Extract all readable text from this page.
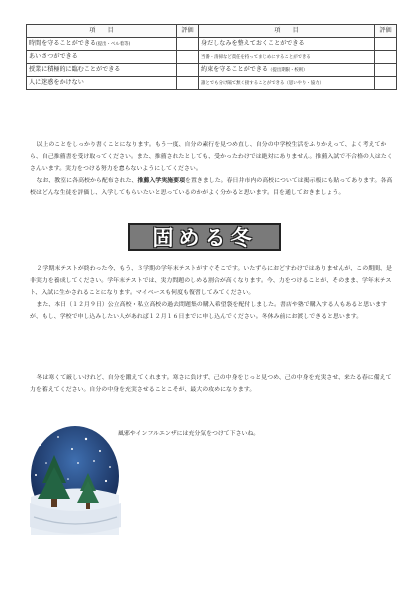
項　　目	評価	項　　目	評価
時間を守ることができる(提出・ベル着等)		身だしなみを整えておくことができる	
あいさつができる		当番・清掃など責任を持ってまじめにすることができる	
授業に積極的に臨むことができる		約束を守ることができる（提出期限・校則）	
人に迷惑をかけない		誰とでも分け隔て無く接することができる（思いやり・協力）	

以上のことをしっかり書くことになります。もう一度、自分の素行を見つめ直し、自分の中学校生活をふりかえって、よく考えてから、自己推薦書を受け取ってください。また、推薦されたとしても、受かったわけでは絶対にありません。推薦入試で不合格の人はたくさんいます。実力をつける努力を怠らないようにしてください。

なお、教室に各高校から配布された、推薦入学実施要項を置きました。春日井市内の高校については掲示板にも貼ってあります。各高校はどんな生徒を評価し、入学してもらいたいと思っているのかがよく分かると思います。目を通しておきましょう。

固める冬

２学期末テストが終わった今、もう、３学期の学年末テストがすぐそこです。いたずらにおどすわけではありませんが、この期間、是非実力を養成してください。学年末テストでは、実力問題のしめる割合が高くなります。今、力をつけることが、そのまま、学年末テスト、入試に生かされることになります。マイベースも何度も復習してみてください。

また、本日（１２月９日）公立高校・私立高校の過去問題集の購入希望袋を配付しました。書店や塾で購入する人もあると思いますが、もし、学校で申し込みしたい人があれば１２月１６日までに申し込んでください。冬休み前にお渡しできると思います。

冬は寒くて厳しいけれど、自分を鍛えてくれます。寒さに負けず、己の中身をじっと見つめ、己の中身を充実させ、来たる春に備えて力を蓄えてください。自分の中身を充実させることこそが、最大の攻めになります。

風邪やインフルエンザには充分気をつけて下さいね。
